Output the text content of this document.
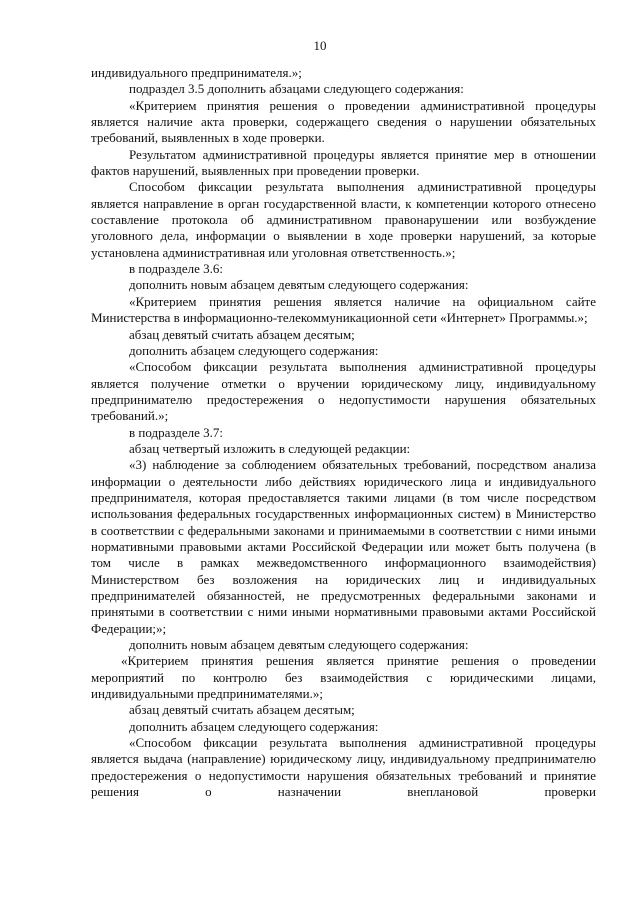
10

индивидуального предпринимателя.»;

подраздел 3.5 дополнить абзацами следующего содержания:

«Критерием принятия решения о проведении административной процедуры является наличие акта проверки, содержащего сведения о нарушении обязательных требований, выявленных в ходе проверки.

Результатом административной процедуры является принятие мер в отношении фактов нарушений, выявленных при проведении проверки.

Способом фиксации результата выполнения административной процедуры является направление в орган государственной власти, к компетенции которого отнесено составление протокола об административном правонарушении или возбуждение уголовного дела, информации о выявлении в ходе проверки нарушений, за которые установлена административная или уголовная ответственность.»;

в подразделе 3.6:

дополнить новым абзацем девятым следующего содержания:

«Критерием принятия решения является наличие на официальном сайте Министерства в информационно-телекоммуникационной сети «Интернет» Программы.»;

абзац девятый считать абзацем десятым;

дополнить абзацем следующего содержания:

«Способом фиксации результата выполнения административной процедуры является получение отметки о вручении юридическому лицу, индивидуальному предпринимателю предостережения о недопустимости нарушения обязательных требований.»;

в подразделе 3.7:

абзац четвертый изложить в следующей редакции:

«3) наблюдение за соблюдением обязательных требований, посредством анализа информации о деятельности либо действиях юридического лица и индивидуального предпринимателя, которая предоставляется такими лицами (в том числе посредством использования федеральных государственных информационных систем) в Министерство в соответствии с федеральными законами и принимаемыми в соответствии с ними иными нормативными правовыми актами Российской Федерации или может быть получена (в том числе в рамках межведомственного информационного взаимодействия) Министерством без возложения на юридических лиц и индивидуальных предпринимателей обязанностей, не предусмотренных федеральными законами и принятыми в соответствии с ними иными нормативными правовыми актами Российской Федерации;»;

дополнить новым абзацем девятым следующего содержания:

«Критерием принятия решения является принятие решения о проведении мероприятий по контролю без взаимодействия с юридическими лицами, индивидуальными предпринимателями.»;

абзац девятый считать абзацем десятым;

дополнить абзацем следующего содержания:

«Способом фиксации результата выполнения административной процедуры является выдача (направление) юридическому лицу, индивидуальному предпринимателю предостережения о недопустимости нарушения обязательных требований и принятие решения о назначении внеплановой проверки
